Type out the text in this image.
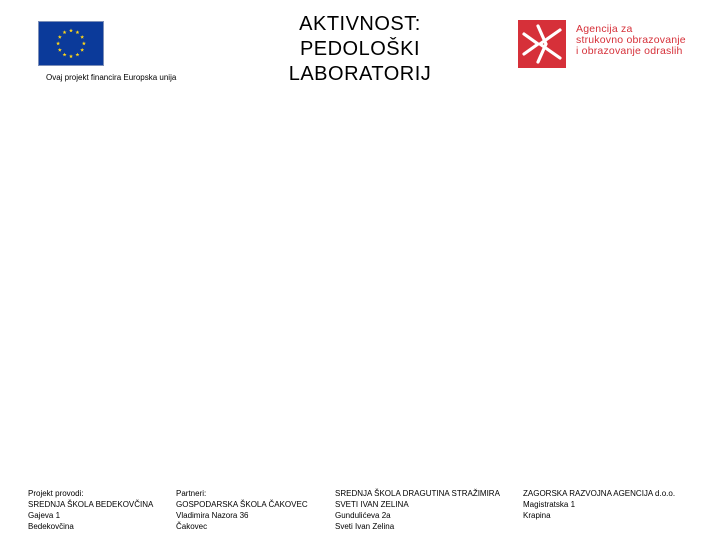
Ovaj projekt financira Europska unija
AKTIVNOST:
PEDOLOŠKI
LABORATORIJ
Agencija za
strukovno obrazovanje
i obrazovanje odraslih
Projekt provodi:
SREDNJA ŠKOLA BEDEKOVČINA
Gajeva 1
Bedekovčina
Partneri:
GOSPODARSKA ŠKOLA ČAKOVEC
Vladimira Nazora 36
Čakovec
SREDNJA ŠKOLA DRAGUTINA STRAŽIMIRA
SVETI IVAN ZELINA
Gundulićeva 2a
Sveti Ivan Zelina
ZAGORSKA RAZVOJNA AGENCIJA d.o.o.
Magistratska 1
Krapina
